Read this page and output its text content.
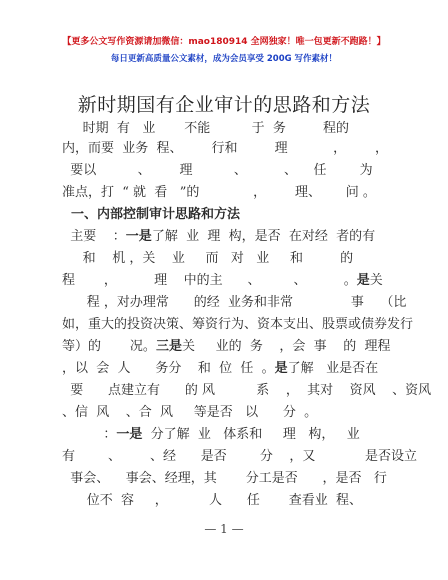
【更多公文写作资源请加微信：mao180914 全网独家！唯一包更新不跑路！】
每日更新高质量公文素材，成为会员享受 200G 写作素材！
新时期国有企业审计的思路和方法
时期  有   业       不能          于  务         程的
内，而要  业务  程、       行和         理           ，       ，
要以          、       理          、         、    任        为
准点，打  “ 就  看   ”的             ，       理、      问 。
一、内部控制审计思路和方法
主要    ：一是了解  业  理  构，是否  在对经  者的有
和    机 ，关    业     而   对   业     和         的
程       ，         理    中的主      、        、         。是关
程 ，对办理常      的经  业务和非常              事    （比
如，重大的投资决策、筹资行为、资本支出、股票或债券发行
等）的       况。三是关     业的  务    ，会  事    的  理程
，以  会  人      务分    和  位  任  。是了解   业是否在
要      点建立有      的 风          系    ，  其对    资风    、资风
、信  风    、合  风     等是否   以      分  。
：一是  分了解  业   体系和     理   构，   业
有        、       、经      是否        分    ，又            是否设立
事会、    事会、经理，其       分工是否      ，是否   行
位不  容     ，          人      任       查看业  程、
— 1 —
